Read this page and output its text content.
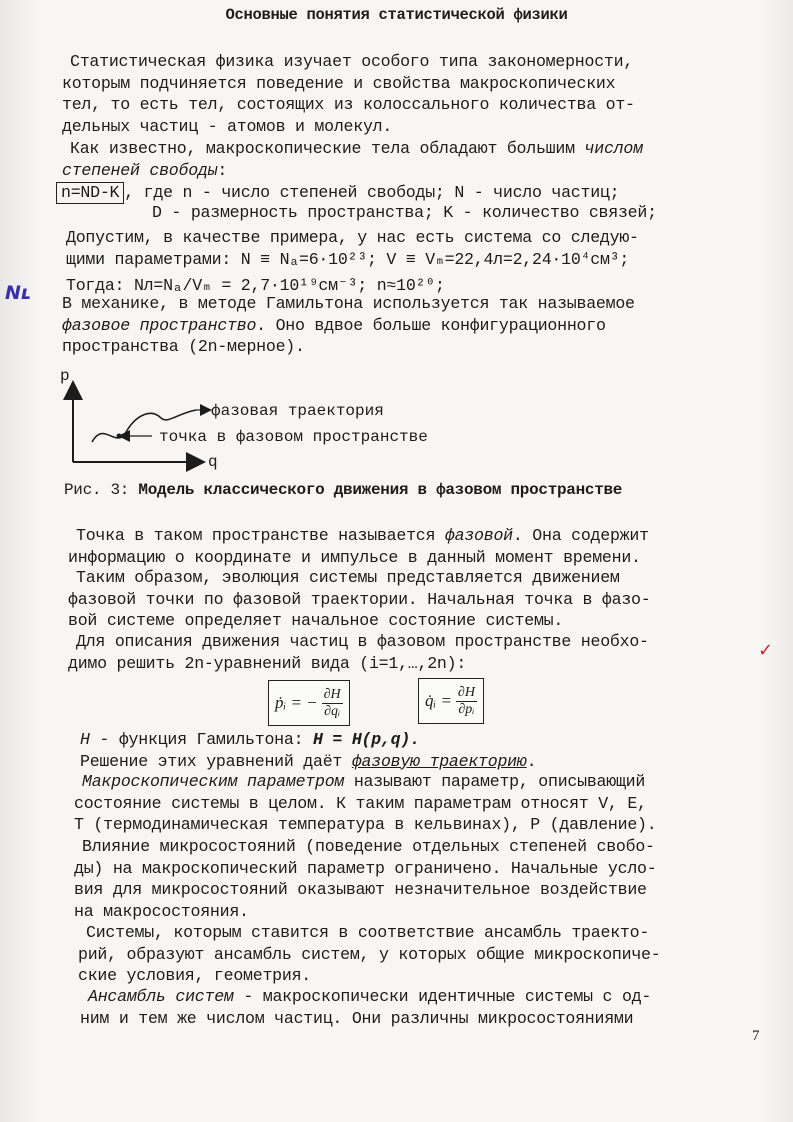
Основные понятия статистической физики

Статистическая физика изучает особого типа закономерности,

которым подчиняется поведение и свойства макроскопических

тел, то есть тел, состоящих из колоссального количества от-

дельных частиц - атомов и молекул.

Как известно, макроскопические тела обладают большим числом

степеней свободы:

n=ND-K , где n - число степеней свободы; N - число частиц;

D - размерность пространства; K - количество связей;

Допустим, в качестве примера, у нас есть система со следую-

щими параметрами: N ≡ Nₐ=6·10²³; V ≡ Vₘ=22,4л=2,24·10⁴см³;

Тогда: Nл=Nₐ/Vₘ = 2,7·10¹⁹см⁻³; n≈10²⁰;

Nʟ В механике, в методе Гамильтона используется так называемое

фазовое пространство. Оно вдвое больше конфигурационного

пространства (2n-мерное).

p
q
фазовая траектория
точка в фазовом пространстве
Рис. 3: Модель классического движения в фазовом пространстве

Точка в таком пространстве называется фазовой. Она содержит

информацию о координате и импульсе в данный момент времени.

Таким образом, эволюция системы представляется движением

фазовой точки по фазовой траектории. Начальная точка в фазо-

вой системе определяет начальное состояние системы.

Для описания движения частиц в фазовом пространстве необхо-

димо решить 2n-уравнений вида (i=1,…,2n):

✓
ṗᵢ = − $\frac{\partial H}{\text{∂qᵢ}}$	q̇ᵢ = $\frac{\partial H}{\text{∂pᵢ}}$

H - функция Гамильтона: H = H(p,q).

Решение этих уравнений даёт фазовую траекторию.

Макроскопическим параметром называют параметр, описывающий

состояние системы в целом. К таким параметрам относят V, E,

T (термодинамическая температура в кельвинах), P (давление).

Влияние микросостояний (поведение отдельных степеней свобо-

ды) на макроскопический параметр ограничено. Начальные усло-

вия для микросостояний оказывают незначительное воздействие

на макросостояния.

Системы, которым ставится в соответствие ансамбль траекто-

рий, образуют ансамбль систем, у которых общие микроскопиче-

ские условия, геометрия.

Ансамбль систем - макроскопически идентичные системы с од-

ним и тем же числом частиц. Они различны микросостояниями

7
